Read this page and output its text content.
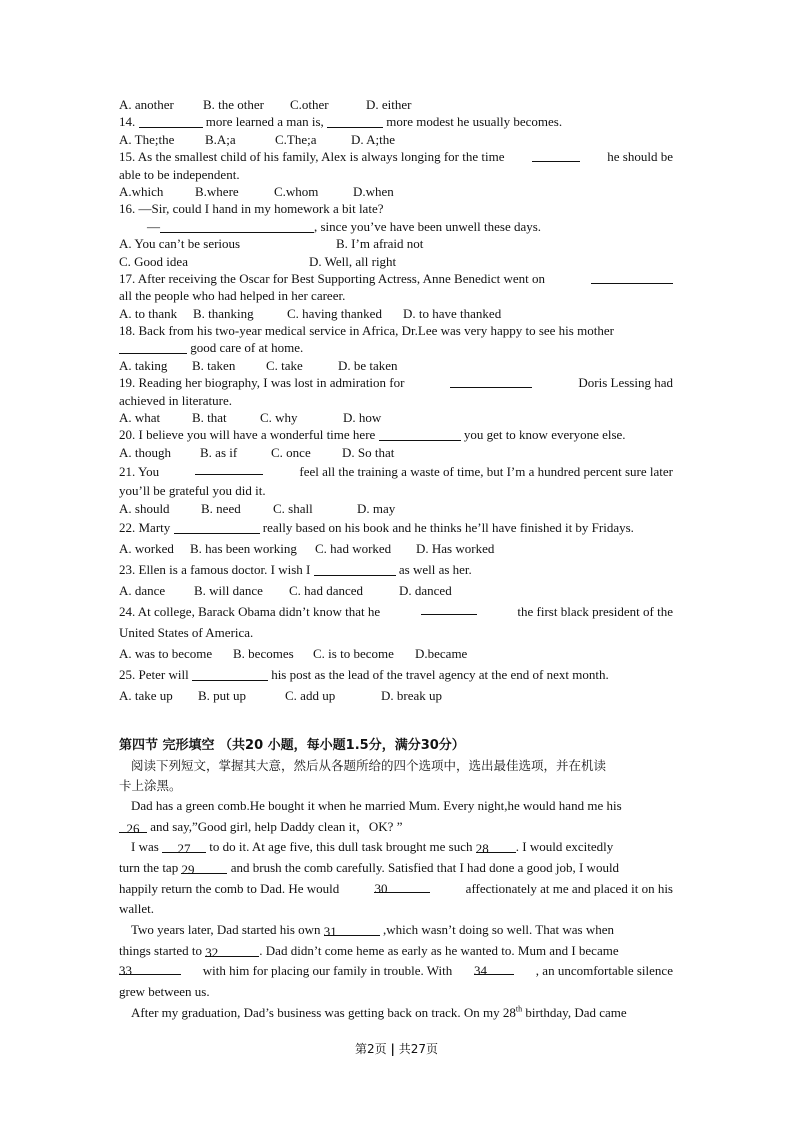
A. another	B. the other	C.other	D. either
14.	more learned a man is,	more modest he usually becomes.
A. The;the	B.A;a	C.The;a	D. A;the
15. As the smallest child of his family, Alex is always longing for the time	he should be
able to be independent.
A.which	B.where	C.whom	D.when
16. —Sir, could I hand in my homework a bit late?
—	, since you’ve have been unwell these days.
A. You can’t be serious	B. I’m afraid not
C. Good idea	D. Well, all right
17. After receiving the Oscar for Best Supporting Actress, Anne Benedict went on
all the people who had helped in her career.
A. to thank	B. thanking	C. having thanked	D. to have thanked
18. Back from his two-year medical service in Africa, Dr.Lee was very happy to see his mother
good care of at home.
A. taking	B. taken	C. take	D. be taken
19. Reading her biography, I was lost in admiration for	Doris Lessing had
achieved in literature.
A. what	B. that	C. why	D. how
20. I believe you will have a wonderful time here	you get to know everyone else.
A. though	B. as if	C. once	D. So that
21. You	feel all the training a waste of time, but I’m a hundred percent sure later
you’ll be grateful you did it.
A. should	B. need	C. shall	D. may
22. Marty	really based on his book and he thinks he’ll have finished it by Fridays.
A. worked	B. has been working	C. had worked	D. Has worked
23. Ellen is a famous doctor. I wish I	as well as her.
A. dance	B. will dance	C. had danced	D. danced
24. At college, Barack Obama didn’t know that he	the first black president of the
United States of America.
A. was to become	B. becomes	C. is to become	D.became
25. Peter will	his post as the lead of the travel agency at the end of next month.
A. take up	B. put up	C. add up	D. break up
第四节 完形填空 （共20 小题，每小题1.5分，满分30分）
阅读下列短文，掌握其大意，然后从各题所给的四个选项中，选出最佳选项，并在机读
卡上涂黑。
Dad has a green comb.He bought it when he married Mum. Every night,he would hand me his
26 and say,”Good girl, help Daddy clean it，OK? ”
I was 27 to do it. At age five, this dull task brought me such 28 . I would excitedly
turn the tap 29	and brush the comb carefully. Satisfied that I had done a good job, I would
happily return the comb to Dad. He would	30	affectionately at me and placed it on his
wallet.
Two years later, Dad started his own 31	,which wasn’t doing so well. That was when
things started to 32	. Dad didn’t come heme as early as he wanted to. Mum and I became
33	with him for placing our family in trouble. With 34	, an uncomfortable silence
grew between us.
After my graduation, Dad’s business was getting back on track. On my 28th birthday, Dad came
第2页 | 共27页
